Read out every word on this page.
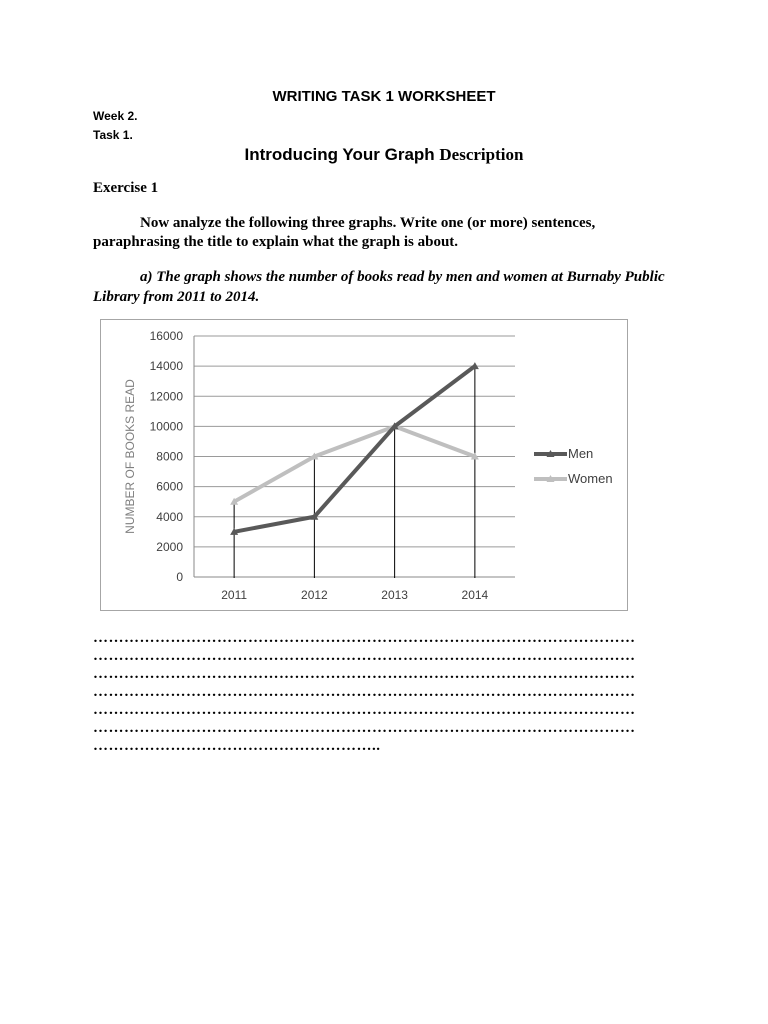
WRITING TASK 1 WORKSHEET
Week 2.
Task 1.
Introducing Your Graph Description
Exercise 1
Now analyze the following three graphs. Write one (or more) sentences, paraphrasing the title to explain what the graph is about.
a) The graph shows the number of books read by men and women at Burnaby Public Library from 2011 to 2014.
0
2000
4000
6000
8000
10000
12000
14000
16000
NUMBER OF BOOKS READ
2011	2012	2013	2014
Men
Women
……………………………………………………………………………………………
……………………………………………………………………………………………
……………………………………………………………………………………………
……………………………………………………………………………………………
……………………………………………………………………………………………
……………………………………………………………………………………………
………………………………………………..
